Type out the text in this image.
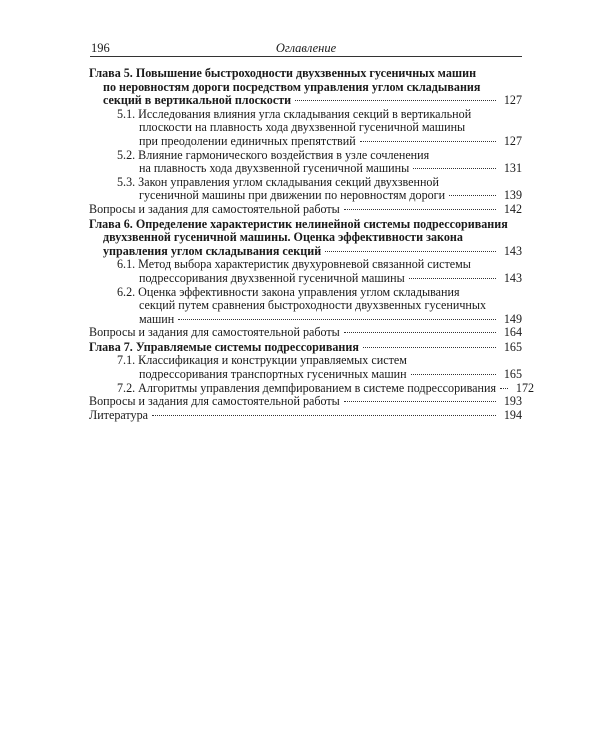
196	Оглавление
Глава 5. Повышение быстроходности двухзвенных гусеничных машин
по неровностям дороги посредством управления углом складывания
секций в вертикальной плоскости	127
5.1. Исследования влияния угла складывания секций в вертикальной
плоскости на плавность хода двухзвенной гусеничной машины
при преодолении единичных препятствий	127
5.2. Влияние гармонического воздействия в узле сочленения
на плавность хода двухзвенной гусеничной машины	131
5.3. Закон управления углом складывания секций двухзвенной
гусеничной машины при движении по неровностям дороги	139
Вопросы и задания для самостоятельной работы	142
Глава 6. Определение характеристик нелинейной системы подрессоривания
двухзвенной гусеничной машины. Оценка эффективности закона
управления углом складывания секций	143
6.1. Метод выбора характеристик двухуровневой связанной системы
подрессоривания двухзвенной гусеничной машины	143
6.2. Оценка эффективности закона управления углом складывания
секций путем сравнения быстроходности двухзвенных гусеничных
машин	149
Вопросы и задания для самостоятельной работы	164
Глава 7. Управляемые системы подрессоривания	165
7.1. Классификация и конструкции управляемых систем
подрессоривания транспортных гусеничных машин	165
7.2. Алгоритмы управления демпфированием в системе подрессоривания	172
Вопросы и задания для самостоятельной работы	193
Литература	194
